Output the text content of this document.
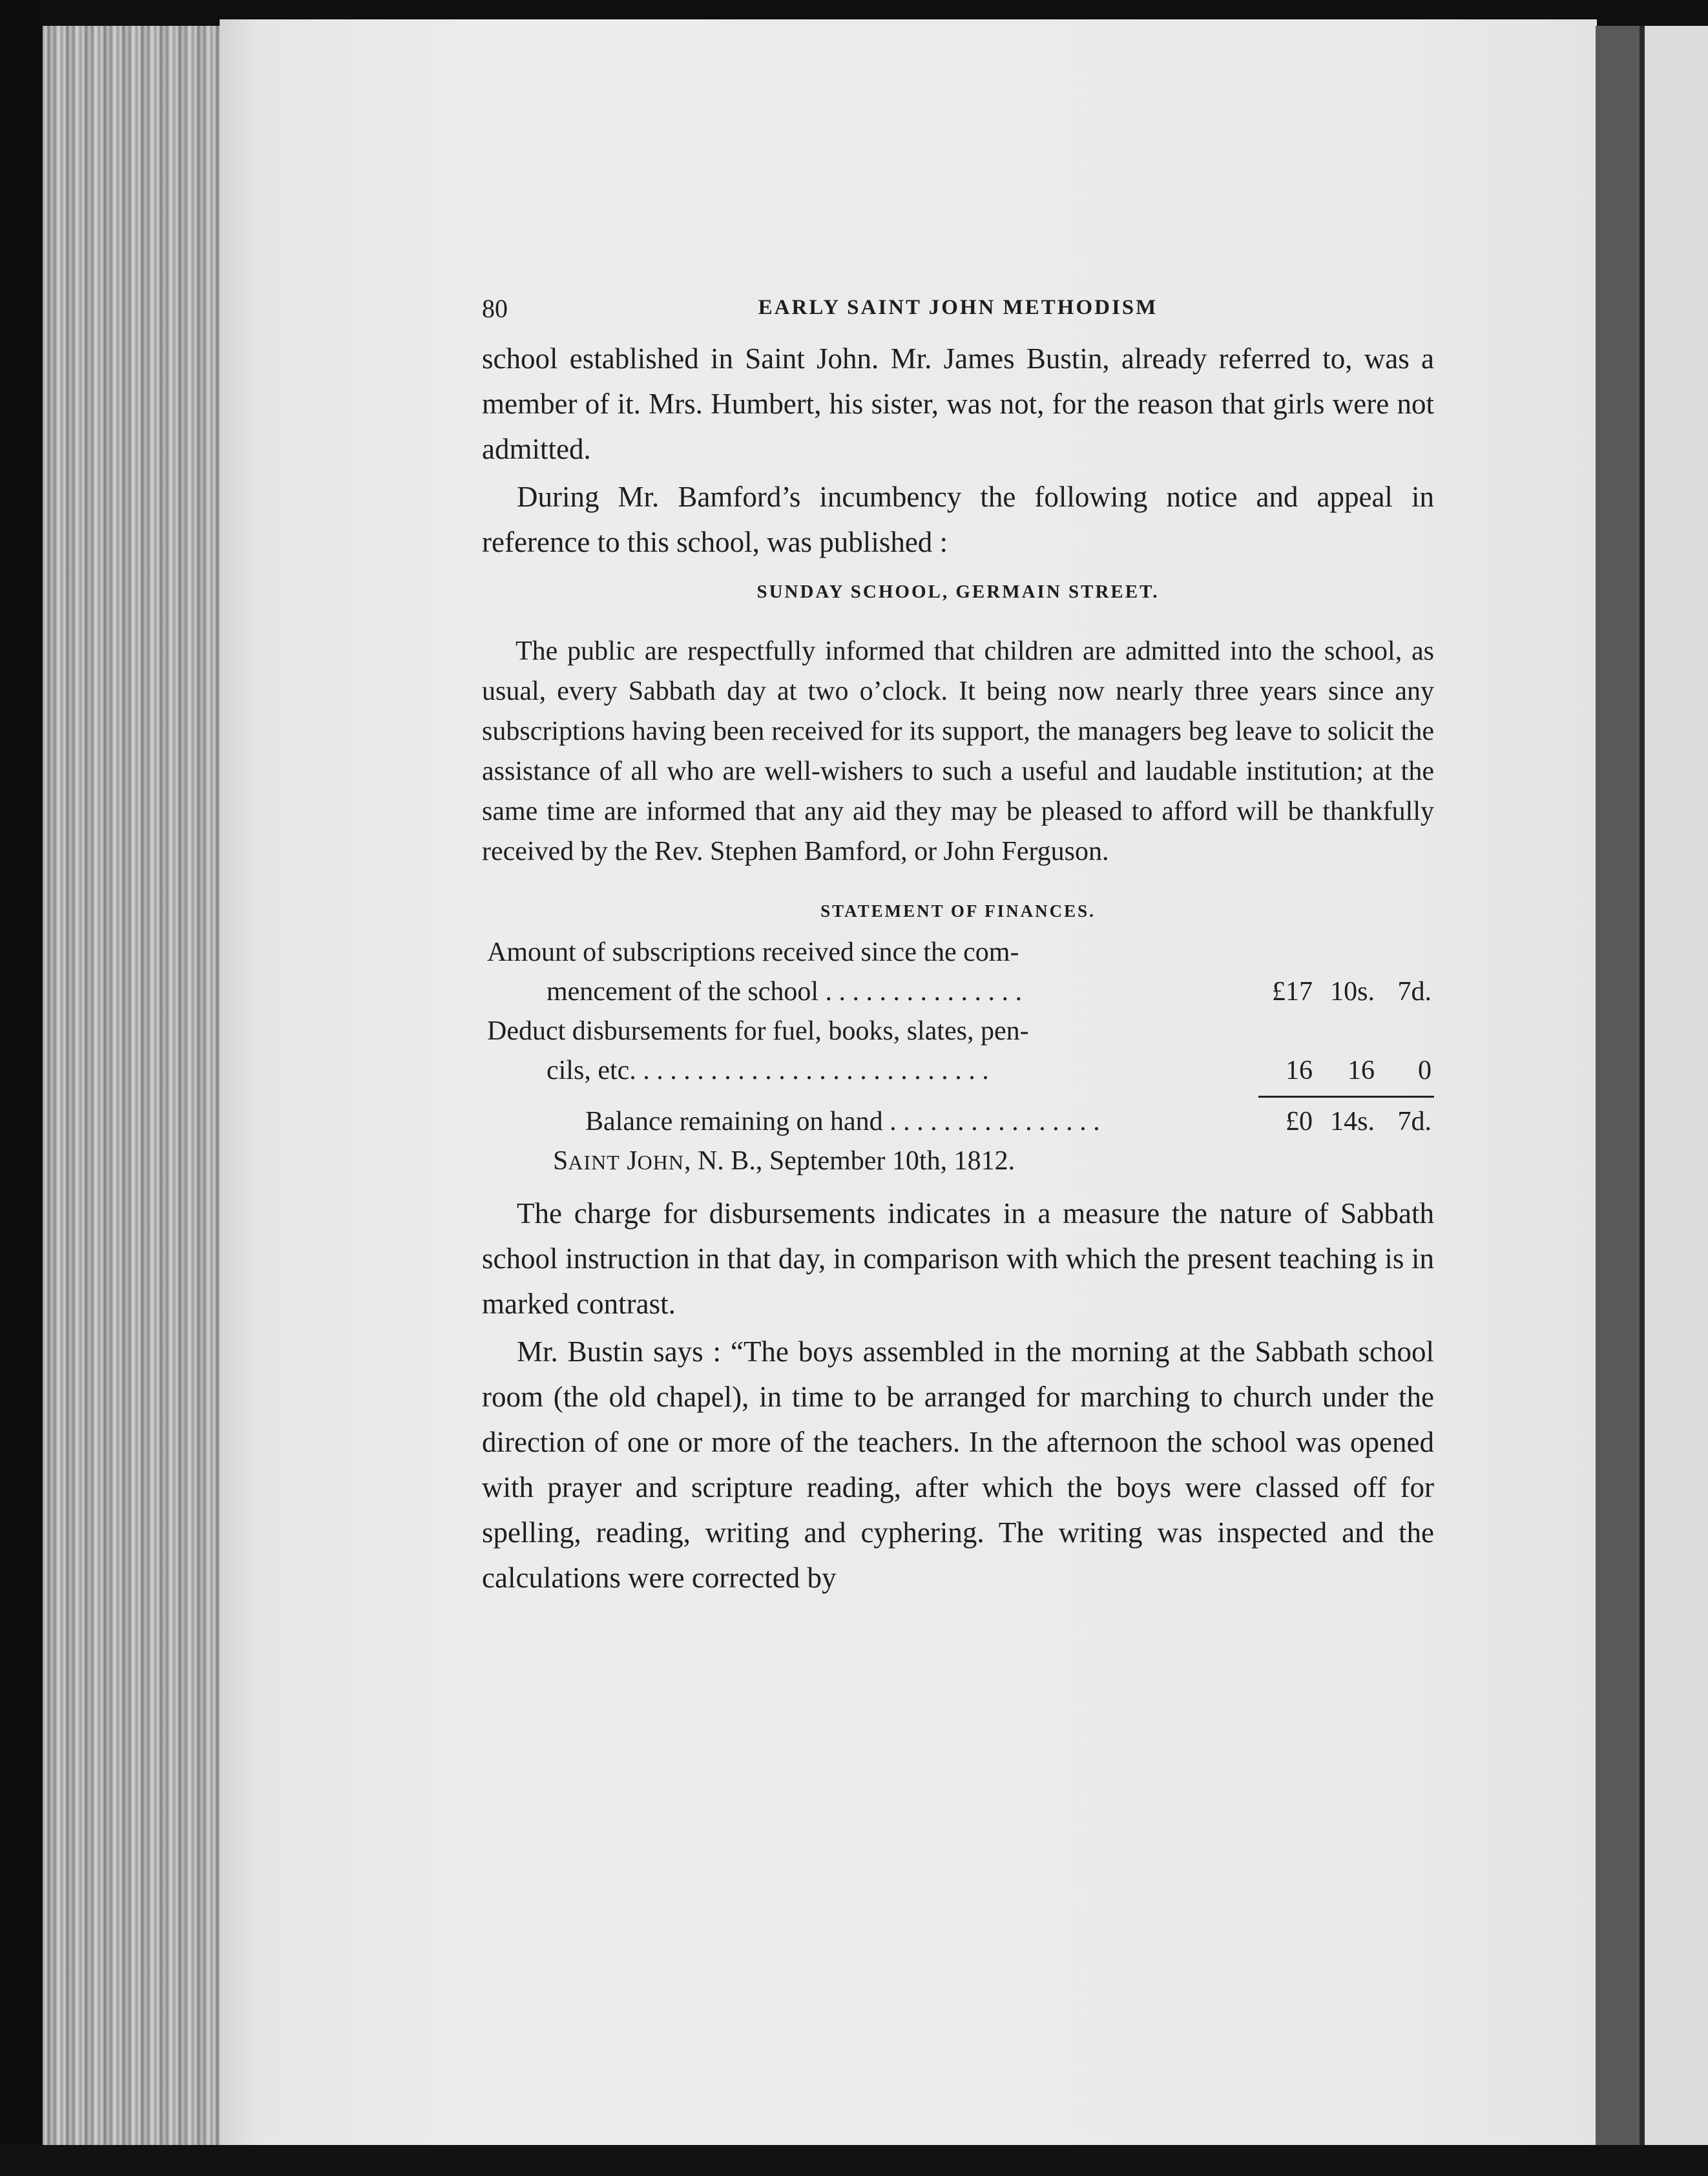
80	EARLY SAINT JOHN METHODISM

school established in Saint John. Mr. James Bustin, already referred to, was a member of it. Mrs. Humbert, his sister, was not, for the reason that girls were not admitted.

During Mr. Bamford’s incumbency the following notice and appeal in reference to this school, was published :

SUNDAY SCHOOL, GERMAIN STREET.

The public are respectfully informed that children are admitted into the school, as usual, every Sabbath day at two o’clock. It being now nearly three years since any subscriptions having been received for its support, the managers beg leave to solicit the assistance of all who are well-wishers to such a useful and laudable institution; at the same time are informed that any aid they may be pleased to afford will be thankfully received by the Rev. Stephen Bamford, or John Ferguson.

STATEMENT OF FINANCES.
Amount of subscriptions received since the com-
mencement of the school . . . . . . . . . . . . . . .	£17 10s. 7d.
Deduct disbursements for fuel, books, slates, pen-
cils, etc. . . . . . . . . . . . . . . . . . . . . . . . . . .	16	16	0
Balance remaining on hand . . . . . . . . . . . . . . . .	£0 14s. 7d.
SAINT JOHN, N. B., September 10th, 1812.

The charge for disbursements indicates in a measure the nature of Sabbath school instruction in that day, in comparison with which the present teaching is in marked contrast.

Mr. Bustin says : “The boys assembled in the morning at the Sabbath school room (the old chapel), in time to be arranged for marching to church under the direction of one or more of the teachers. In the afternoon the school was opened with prayer and scripture reading, after which the boys were classed off for spelling, reading, writing and cyphering. The writing was inspected and the calculations were corrected by
